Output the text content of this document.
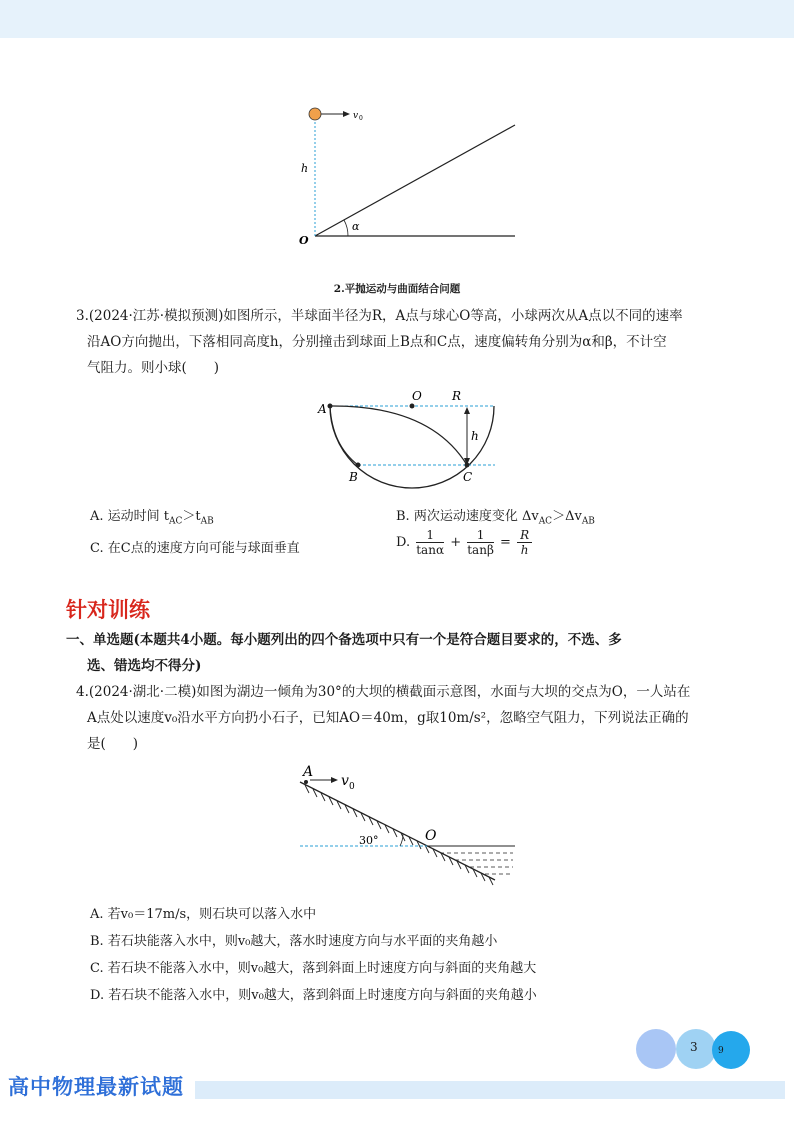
v 0
h
O
α
2.平抛运动与曲面结合问题
3.(2024·江苏·模拟预测)如图所示，半球面半径为R，A点与球心O等高，小球两次从A点以不同的速率
沿AO方向抛出，下落相同高度h，分别撞击到球面上B点和C点，速度偏转角分别为α和β，不计空
气阻力。则小球(　　)
A
O	R
h
B	C
A. 运动时间 $t_{AC}>t_{AB}$	B. 两次运动速度变化 $\Delta v_{AC}>\Delta v_{AB}$
C. 在C点的速度方向可能与球面垂直	D. $\frac{1}{\tan\alpha} + \frac{1}{\tan\beta} = \frac{R}{h}$
针对训练
一、单选题(本题共4小题。每小题列出的四个备选项中只有一个是符合题目要求的，不选、多
选、错选均不得分)
4.(2024·湖北·二模)如图为湖边一倾角为30°的大坝的横截面示意图，水面与大坝的交点为O，一人站在
A点处以速度v₀沿水平方向扔小石子，已知AO＝40m，g取10m/s²，忽略空气阻力，下列说法正确的
是(　　)
A
v 0
30°	O
A. 若v₀＝17m/s，则石块可以落入水中
B. 若石块能落入水中，则v₀越大，落水时速度方向与水平面的夹角越小
C. 若石块不能落入水中，则v₀越大，落到斜面上时速度方向与斜面的夹角越大
D. 若石块不能落入水中，则v₀越大，落到斜面上时速度方向与斜面的夹角越小
3 9
高中物理最新试题
